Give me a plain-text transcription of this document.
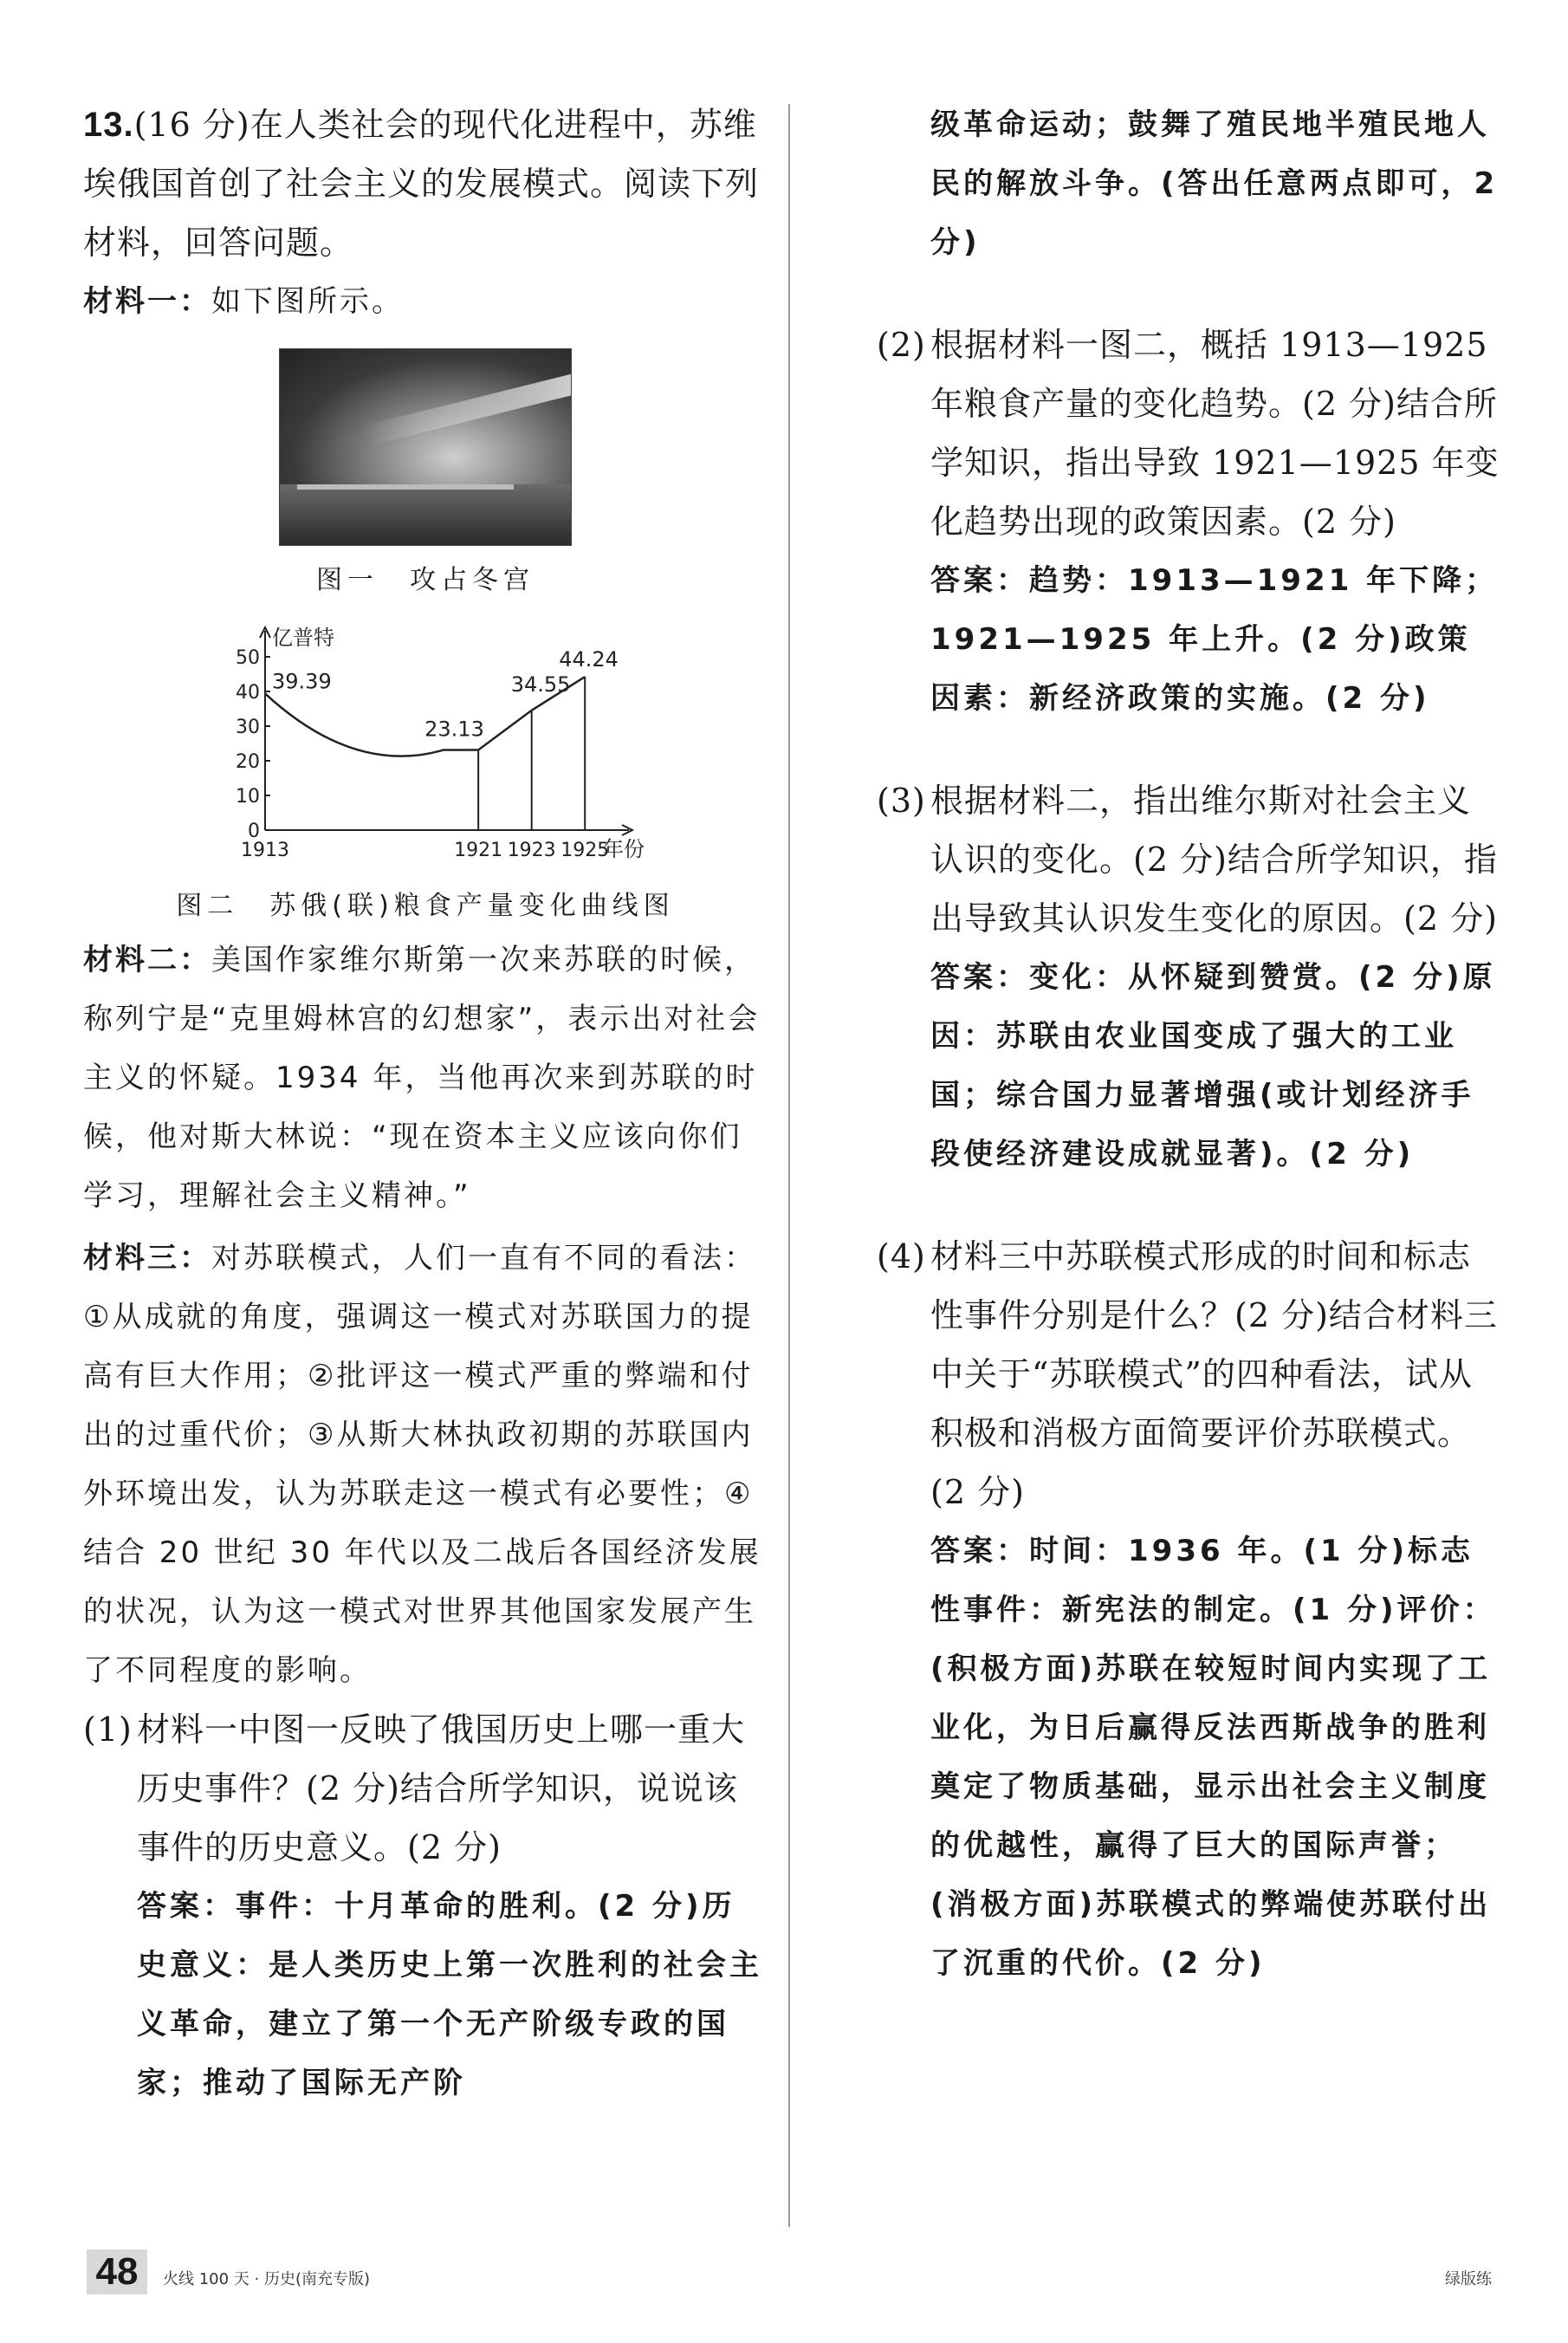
13.(16 分)在人类社会的现代化进程中，苏维埃俄国首创了社会主义的发展模式。阅读下列材料，回答问题。
材料一：如下图所示。
图一　攻占冬宫
亿普特
年份
0
10
20
30
40
50
1913	1921 1923 1925
39.39
23.13
34.55
44.24
图二　苏俄(联)粮食产量变化曲线图
材料二：美国作家维尔斯第一次来苏联的时候，称列宁是“克里姆林宫的幻想家”，表示出对社会主义的怀疑。1934 年，当他再次来到苏联的时候，他对斯大林说：“现在资本主义应该向你们学习，理解社会主义精神。”
材料三：对苏联模式，人们一直有不同的看法：①从成就的角度，强调这一模式对苏联国力的提高有巨大作用；②批评这一模式严重的弊端和付出的过重代价；③从斯大林执政初期的苏联国内外环境出发，认为苏联走这一模式有必要性；④结合 20 世纪 30 年代以及二战后各国经济发展的状况，认为这一模式对世界其他国家发展产生了不同程度的影响。
(1) 材料一中图一反映了俄国历史上哪一重大历史事件？(2 分)结合所学知识，说说该事件的历史意义。(2 分)
答案：事件：十月革命的胜利。(2 分)历史意义：是人类历史上第一次胜利的社会主义革命，建立了第一个无产阶级专政的国家；推动了国际无产阶
级革命运动；鼓舞了殖民地半殖民地人民的解放斗争。(答出任意两点即可，2 分)
(2) 根据材料一图二，概括 1913—1925 年粮食产量的变化趋势。(2 分)结合所学知识，指出导致 1921—1925 年变化趋势出现的政策因素。(2 分)
答案：趋势：1913—1921 年下降；1921—1925 年上升。(2 分)政策因素：新经济政策的实施。(2 分)
(3) 根据材料二，指出维尔斯对社会主义认识的变化。(2 分)结合所学知识，指出导致其认识发生变化的原因。(2 分)
答案：变化：从怀疑到赞赏。(2 分)原因：苏联由农业国变成了强大的工业国；综合国力显著增强(或计划经济手段使经济建设成就显著)。(2 分)
(4) 材料三中苏联模式形成的时间和标志性事件分别是什么？(2 分)结合材料三中关于“苏联模式”的四种看法，试从积极和消极方面简要评价苏联模式。(2 分)
答案：时间：1936 年。(1 分)标志性事件：新宪法的制定。(1 分)评价：(积极方面)苏联在较短时间内实现了工业化，为日后赢得反法西斯战争的胜利奠定了物质基础，显示出社会主义制度的优越性，赢得了巨大的国际声誉；(消极方面)苏联模式的弊端使苏联付出了沉重的代价。(2 分)
48	火线 100 天 · 历史(南充专版)	绿版练
